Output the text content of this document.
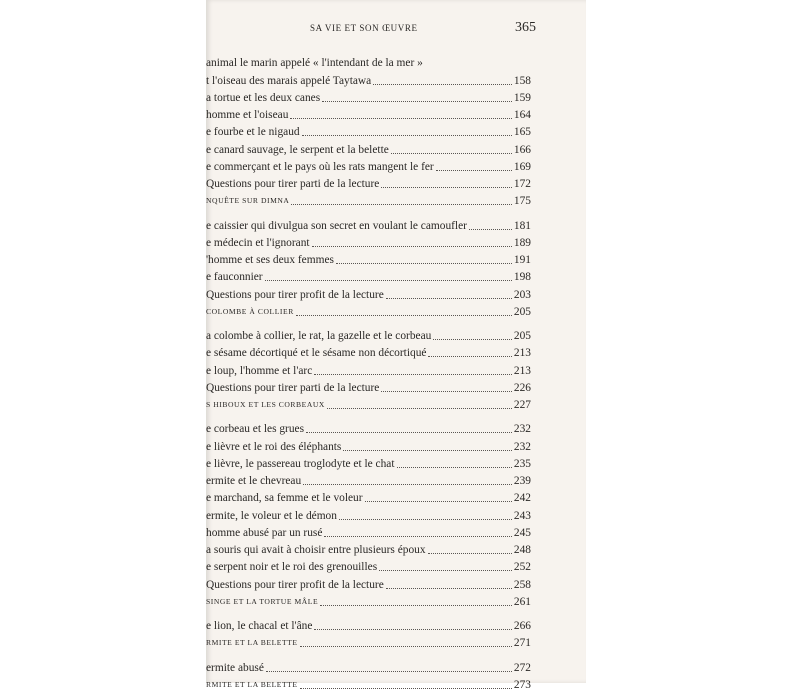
SA VIE ET SON ŒUVRE	365
animal le marin appelé « l'intendant de la mer »
t l'oiseau des marais appelé Taytawa	158
a tortue et les deux canes	159
homme et l'oiseau	164
e fourbe et le nigaud	165
e canard sauvage, le serpent et la belette	166
e commerçant et le pays où les rats mangent le fer	169
Questions pour tirer parti de la lecture	172
NQUÊTE SUR DIMNA	175
e caissier qui divulgua son secret en voulant le camoufler	181
e médecin et l'ignorant	189
'homme et ses deux femmes	191
e fauconnier	198
Questions pour tirer profit de la lecture	203
COLOMBE À COLLIER	205
a colombe à collier, le rat, la gazelle et le corbeau	205
e sésame décortiqué et le sésame non décortiqué	213
e loup, l'homme et l'arc	213
Questions pour tirer parti de la lecture	226
S HIBOUX ET LES CORBEAUX	227
e corbeau et les grues	232
e lièvre et le roi des éléphants	232
e lièvre, le passereau troglodyte et le chat	235
ermite et le chevreau	239
e marchand, sa femme et le voleur	242
ermite, le voleur et le démon	243
homme abusé par un rusé	245
a souris qui avait à choisir entre plusieurs époux	248
e serpent noir et le roi des grenouilles	252
Questions pour tirer profit de la lecture	258
SINGE ET LA TORTUE MÂLE	261
e lion, le chacal et l'âne	266
RMITE ET LA BELETTE	271
ermite abusé	272
RMITE ET LA BELETTE	273
